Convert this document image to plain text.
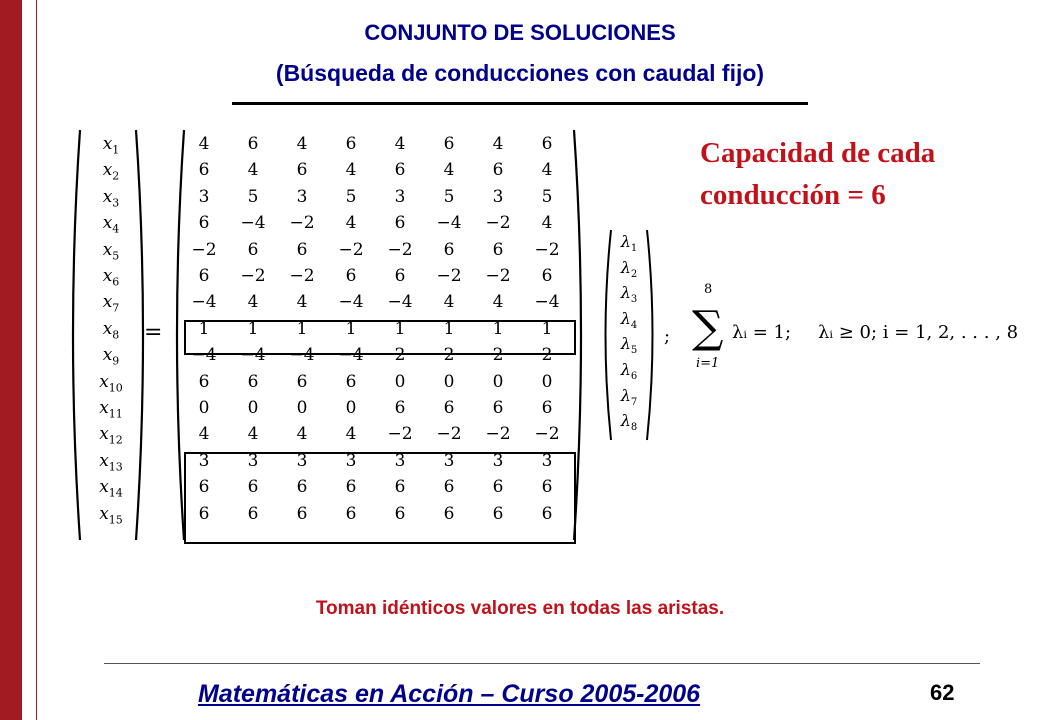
CONJUNTO DE SOLUCIONES
(Búsqueda de conducciones con caudal fijo)
Capacidad de cada
conducción = 6
$x_1$
$x_2$
$x_3$
$x_4$
$x_5$
$x_6$
$x_7$
$x_8$
$x_9$
$x_{10}$
$x_{11}$
$x_{12}$
$x_{13}$
$x_{14}$
$x_{15}$
=
4	6	4	6	4	6	4	6
6	4	6	4	6	4	6	4
3	5	3	5	3	5	3	5
6	−4	−2	4	6	−4	−2	4
−2	6	6	−2	−2	6	6	−2
6	−2	−2	6	6	−2	−2	6
−4	4	4	−4	−4	4	4	−4
1	1	1	1	1	1	1	1
−4	−4	−4	−4	2	2	2	2
6	6	6	6	0	0	0	0
0	0	0	0	6	6	6	6
4	4	4	4	−2	−2	−2	−2
3	3	3	3	3	3	3	3
6	6	6	6	6	6	6	6
6	6	6	6	6	6	6	6
$\lambda_1$
$\lambda_2$
$\lambda_3$
$\lambda_4$
$\lambda_5$
$\lambda_6$
$\lambda_7$
$\lambda_8$
;
8
∑
i=1
λᵢ = 1; λᵢ ≥ 0; i = 1, 2, . . . , 8
Toman idénticos valores en todas las aristas.
Matemáticas en Acción – Curso 2005-2006	62
